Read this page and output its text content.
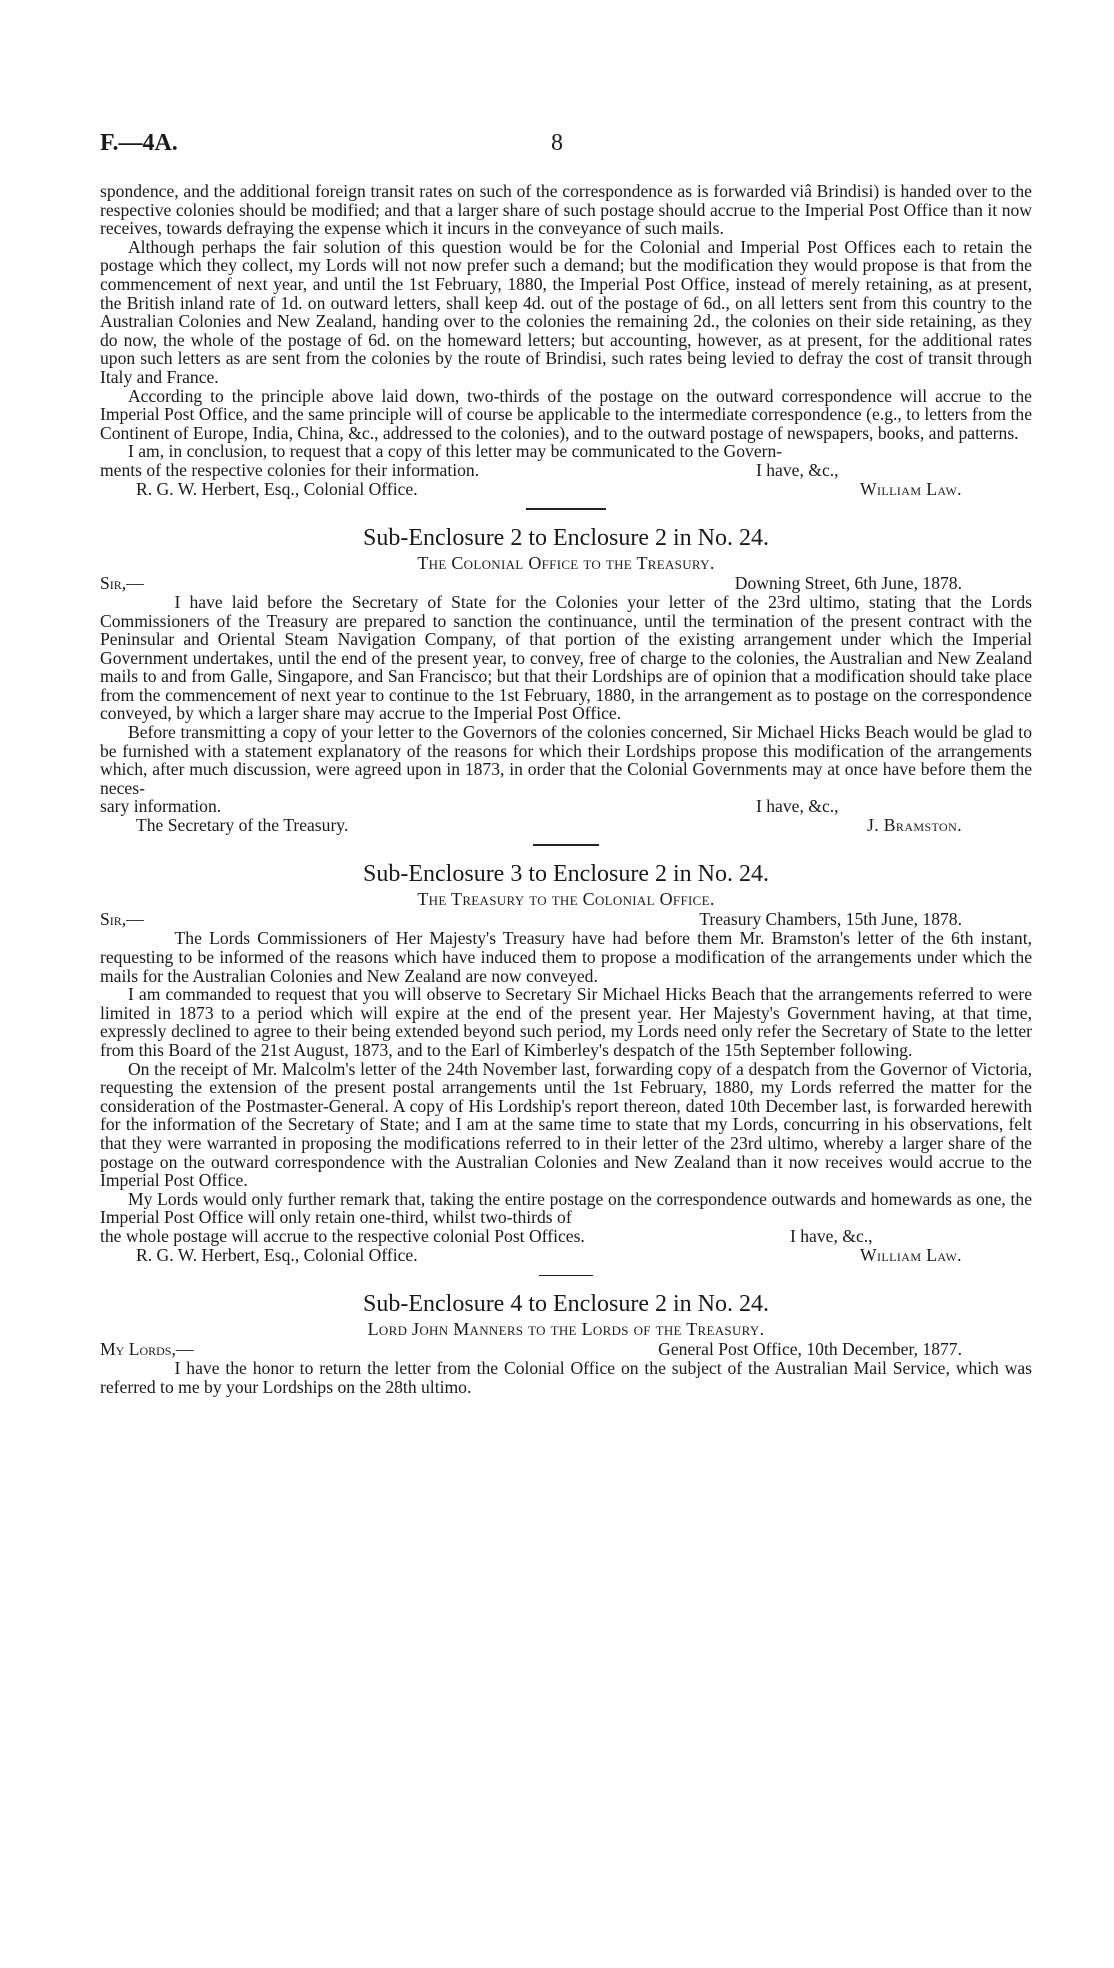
F.—4A.	8

spondence, and the additional foreign transit rates on such of the correspondence as is forwarded viâ Brindisi) is handed over to the respective colonies should be modified; and that a larger share of such postage should accrue to the Imperial Post Office than it now receives, towards defraying the expense which it incurs in the conveyance of such mails.

Although perhaps the fair solution of this question would be for the Colonial and Imperial Post Offices each to retain the postage which they collect, my Lords will not now prefer such a demand; but the modification they would propose is that from the commencement of next year, and until the 1st February, 1880, the Imperial Post Office, instead of merely retaining, as at present, the British inland rate of 1d. on outward letters, shall keep 4d. out of the postage of 6d., on all letters sent from this country to the Australian Colonies and New Zealand, handing over to the colonies the remaining 2d., the colonies on their side retaining, as they do now, the whole of the postage of 6d. on the homeward letters; but accounting, however, as at present, for the additional rates upon such letters as are sent from the colonies by the route of Brindisi, such rates being levied to defray the cost of transit through Italy and France.

According to the principle above laid down, two-thirds of the postage on the outward correspondence will accrue to the Imperial Post Office, and the same principle will of course be applicable to the intermediate correspondence (e.g., to letters from the Continent of Europe, India, China, &c., addressed to the colonies), and to the outward postage of newspapers, books, and patterns.

I am, in conclusion, to request that a copy of this letter may be communicated to the Govern-

ments of the respective colonies for their information.	I have, &c.,
R. G. W. Herbert, Esq., Colonial Office.	William Law.
Sub-Enclosure 2 to Enclosure 2 in No. 24.
The Colonial Office to the Treasury.
Sir,—	Downing Street, 6th June, 1878.

I have laid before the Secretary of State for the Colonies your letter of the 23rd ultimo, stating that the Lords Commissioners of the Treasury are prepared to sanction the continuance, until the termination of the present contract with the Peninsular and Oriental Steam Navigation Company, of that portion of the existing arrangement under which the Imperial Government undertakes, until the end of the present year, to convey, free of charge to the colonies, the Australian and New Zealand mails to and from Galle, Singapore, and San Francisco; but that their Lordships are of opinion that a modification should take place from the commencement of next year to continue to the 1st February, 1880, in the arrangement as to postage on the correspondence conveyed, by which a larger share may accrue to the Imperial Post Office.

Before transmitting a copy of your letter to the Governors of the colonies concerned, Sir Michael Hicks Beach would be glad to be furnished with a statement explanatory of the reasons for which their Lordships propose this modification of the arrangements which, after much discussion, were agreed upon in 1873, in order that the Colonial Governments may at once have before them the neces-

sary information.	I have, &c.,
The Secretary of the Treasury.	J. Bramston.
Sub-Enclosure 3 to Enclosure 2 in No. 24.
The Treasury to the Colonial Office.
Sir,—	Treasury Chambers, 15th June, 1878.

The Lords Commissioners of Her Majesty's Treasury have had before them Mr. Bramston's letter of the 6th instant, requesting to be informed of the reasons which have induced them to propose a modification of the arrangements under which the mails for the Australian Colonies and New Zealand are now conveyed.

I am commanded to request that you will observe to Secretary Sir Michael Hicks Beach that the arrangements referred to were limited in 1873 to a period which will expire at the end of the present year. Her Majesty's Government having, at that time, expressly declined to agree to their being extended beyond such period, my Lords need only refer the Secretary of State to the letter from this Board of the 21st August, 1873, and to the Earl of Kimberley's despatch of the 15th September following.

On the receipt of Mr. Malcolm's letter of the 24th November last, forwarding copy of a despatch from the Governor of Victoria, requesting the extension of the present postal arrangements until the 1st February, 1880, my Lords referred the matter for the consideration of the Postmaster-General. A copy of His Lordship's report thereon, dated 10th December last, is forwarded herewith for the information of the Secretary of State; and I am at the same time to state that my Lords, concurring in his observations, felt that they were warranted in proposing the modifications referred to in their letter of the 23rd ultimo, whereby a larger share of the postage on the outward correspondence with the Australian Colonies and New Zealand than it now receives would accrue to the Imperial Post Office.

My Lords would only further remark that, taking the entire postage on the correspondence outwards and homewards as one, the Imperial Post Office will only retain one-third, whilst two-thirds of

the whole postage will accrue to the respective colonial Post Offices.	I have, &c.,
R. G. W. Herbert, Esq., Colonial Office.	William Law.
Sub-Enclosure 4 to Enclosure 2 in No. 24.
Lord John Manners to the Lords of the Treasury.
My Lords,—	General Post Office, 10th December, 1877.

I have the honor to return the letter from the Colonial Office on the subject of the Australian Mail Service, which was referred to me by your Lordships on the 28th ultimo.
